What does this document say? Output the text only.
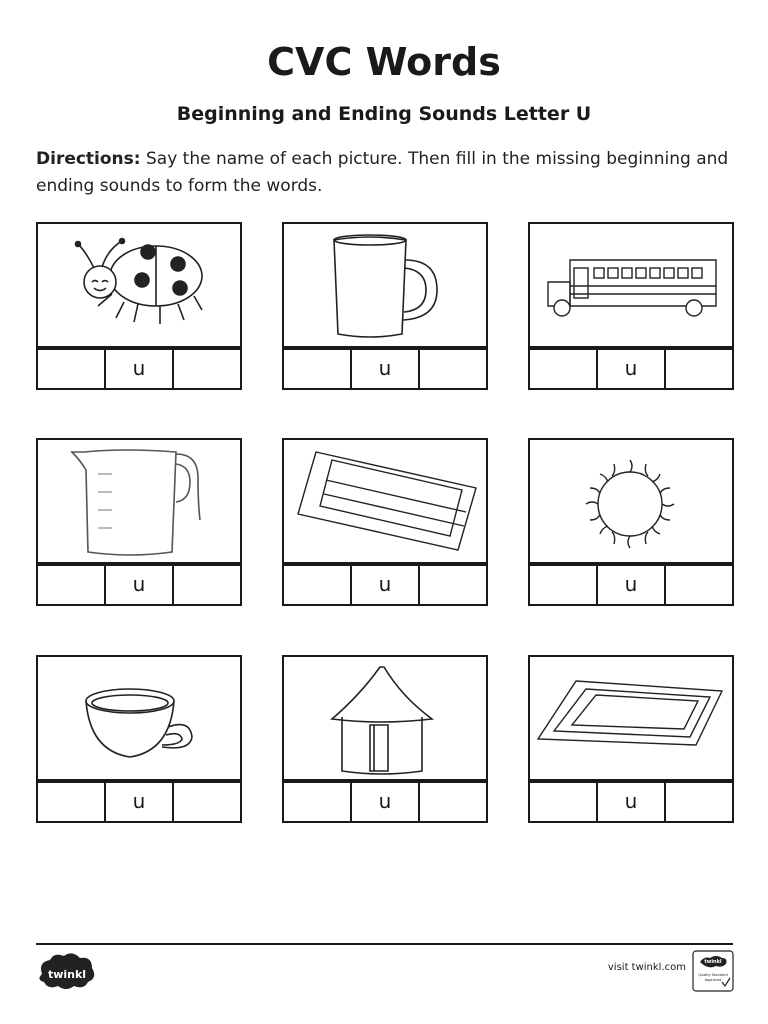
CVC Words
Beginning and Ending Sounds Letter U
Directions: Say the name of each picture. Then fill in the missing beginning and ending sounds to form the words.
u	u	u
u	u	u
u	u	u
twinkl
visit twinkl.com	twinkl
Quality Standard
Approved
